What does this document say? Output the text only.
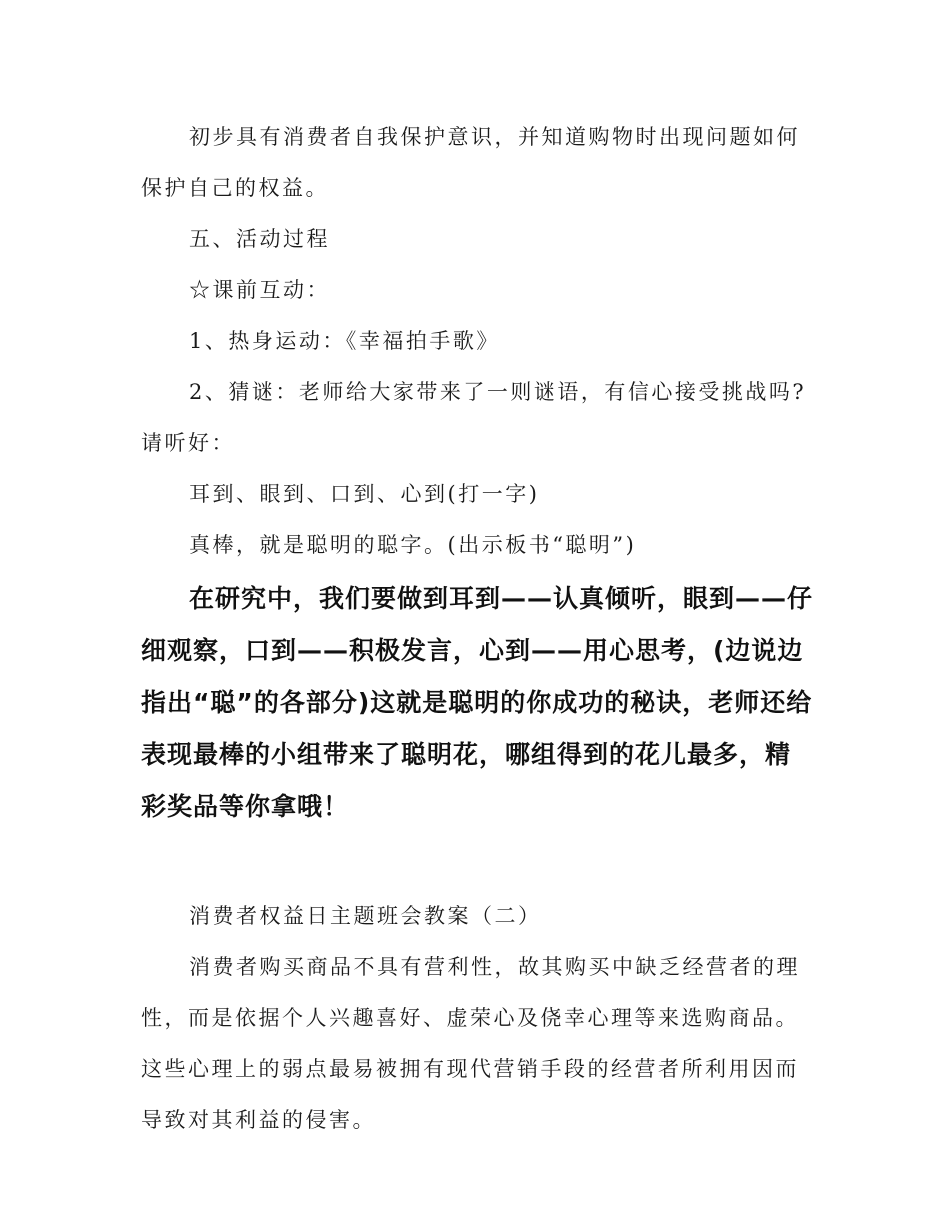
初步具有消费者自我保护意识，并知道购物时出现问题如何保护自己的权益。

五、活动过程

☆课前互动：

1、热身运动：《幸福拍手歌》

2、猜谜：老师给大家带来了一则谜语，有信心接受挑战吗?请听好：

耳到、眼到、口到、心到(打一字)

真棒，就是聪明的聪字。(出示板书“聪明”)

在研究中，我们要做到耳到——认真倾听，眼到——仔细观察，口到——积极发言，心到——用心思考，(边说边指出“聪”的各部分)这就是聪明的你成功的秘诀，老师还给表现最棒的小组带来了聪明花，哪组得到的花儿最多，精彩奖品等你拿哦！

消费者权益日主题班会教案（二）

消费者购买商品不具有营利性，故其购买中缺乏经营者的理性，而是依据个人兴趣喜好、虚荣心及侥幸心理等来选购商品。这些心理上的弱点最易被拥有现代营销手段的经营者所利用因而导致对其利益的侵害。
